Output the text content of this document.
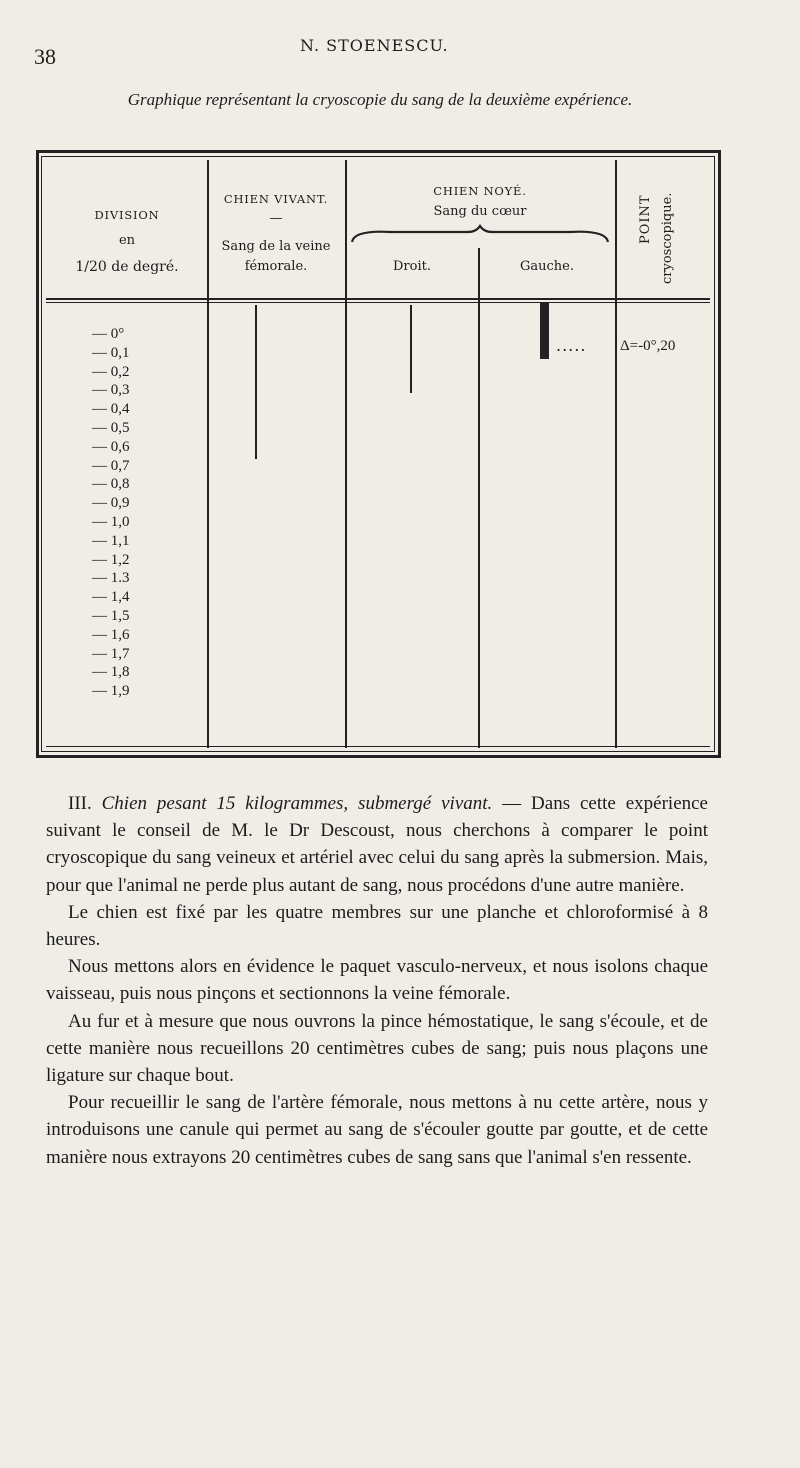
38	N. STOENESCU.
Graphique représentant la cryoscopie du sang de la deuxième expérience.
DIVISION
en
1/20 de degré.
CHIEN VIVANT.
—
Sang de la veine
fémorale.
CHIEN NOYÉ.
Sang du cœur
Droit.	Gauche.
POINT cryoscopique.
— 0°
— 0,1
— 0,2
— 0,3
— 0,4
— 0,5
— 0,6
— 0,7
— 0,8
— 0,9
— 1,0
— 1,1
— 1,2
— 1.3
— 1,4
— 1,5
— 1,6
— 1,7
— 1,8
— 1,9
..... Δ=-0°,20

III. Chien pesant 15 kilogrammes, submergé vivant. — Dans cette expérience suivant le conseil de M. le Dr Descoust, nous cherchons à comparer le point cryoscopique du sang veineux et artériel avec celui du sang après la submersion. Mais, pour que l'animal ne perde plus autant de sang, nous procédons d'une autre manière.

Le chien est fixé par les quatre membres sur une planche et chloroformisé à 8 heures.

Nous mettons alors en évidence le paquet vasculo-nerveux, et nous isolons chaque vaisseau, puis nous pinçons et sectionnons la veine fémorale.

Au fur et à mesure que nous ouvrons la pince hémostatique, le sang s'écoule, et de cette manière nous recueillons 20 centimètres cubes de sang; puis nous plaçons une ligature sur chaque bout.

Pour recueillir le sang de l'artère fémorale, nous mettons à nu cette artère, nous y introduisons une canule qui permet au sang de s'écouler goutte par goutte, et de cette manière nous extrayons 20 centimètres cubes de sang sans que l'animal s'en ressente.
